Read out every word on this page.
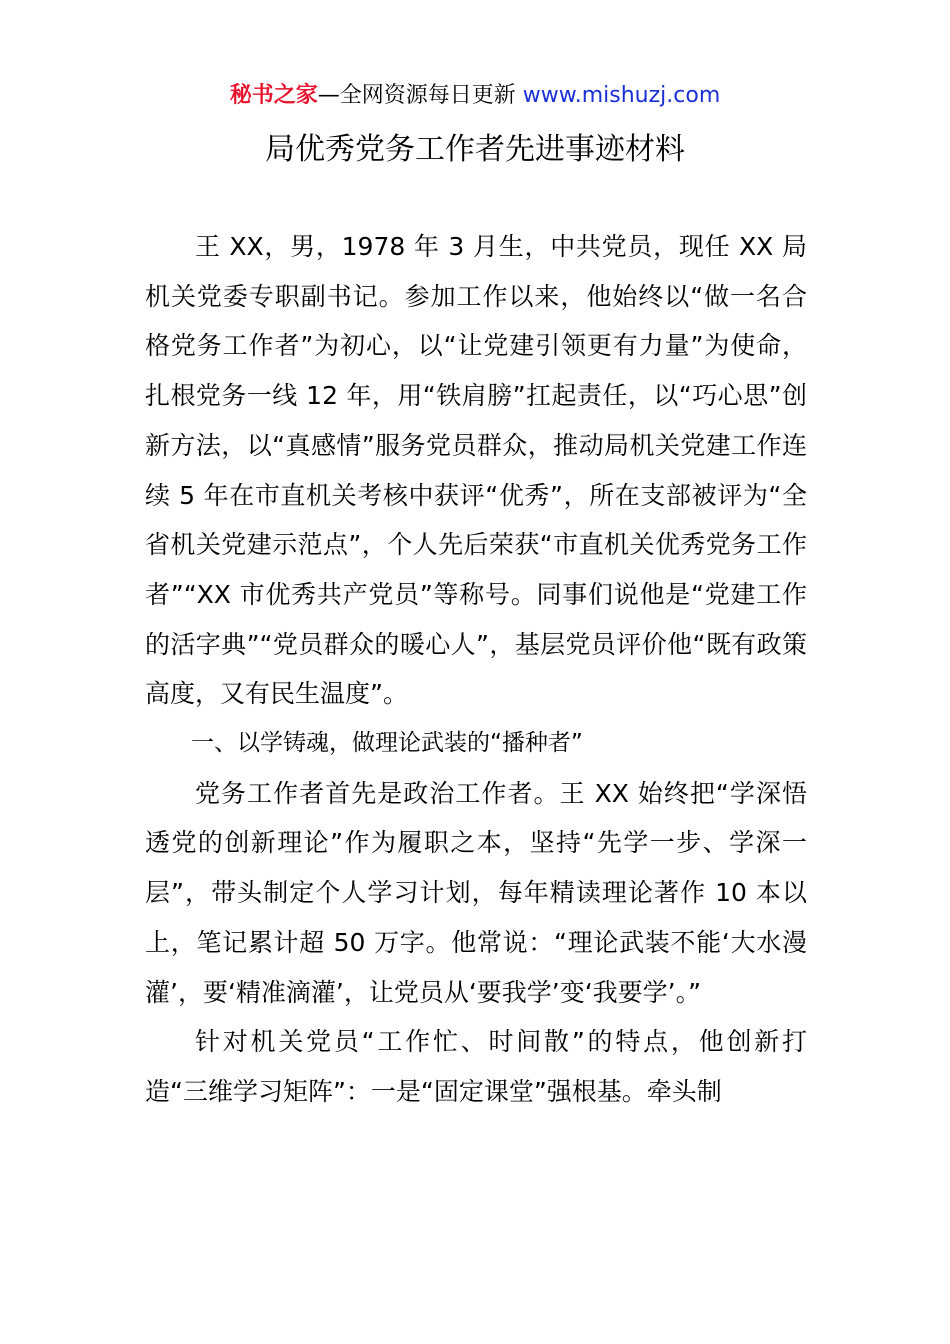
秘书之家—全网资源每日更新 www.mishuzj.com
局优秀党务工作者先进事迹材料

王 XX，男，1978 年 3 月生，中共党员，现任 XX 局机关党委专职副书记。参加工作以来，他始终以“做一名合格党务工作者”为初心，以“让党建引领更有力量”为使命，扎根党务一线 12 年，用“铁肩膀”扛起责任，以“巧心思”创新方法，以“真感情”服务党员群众，推动局机关党建工作连续 5 年在市直机关考核中获评“优秀”，所在支部被评为“全省机关党建示范点”，个人先后荣获“市直机关优秀党务工作者”“XX 市优秀共产党员”等称号。同事们说他是“党建工作的活字典”“党员群众的暖心人”，基层党员评价他“既有政策高度，又有民生温度”。

一、以学铸魂，做理论武装的“播种者”

党务工作者首先是政治工作者。王 XX 始终把“学深悟透党的创新理论”作为履职之本，坚持“先学一步、学深一层”，带头制定个人学习计划，每年精读理论著作 10 本以上，笔记累计超 50 万字。他常说：“理论武装不能‘大水漫灌’，要‘精准滴灌’，让党员从‘要我学’变‘我要学’。”

针对机关党员“工作忙、时间散”的特点，他创新打造“三维学习矩阵”：一是“固定课堂”强根基。牵头制
